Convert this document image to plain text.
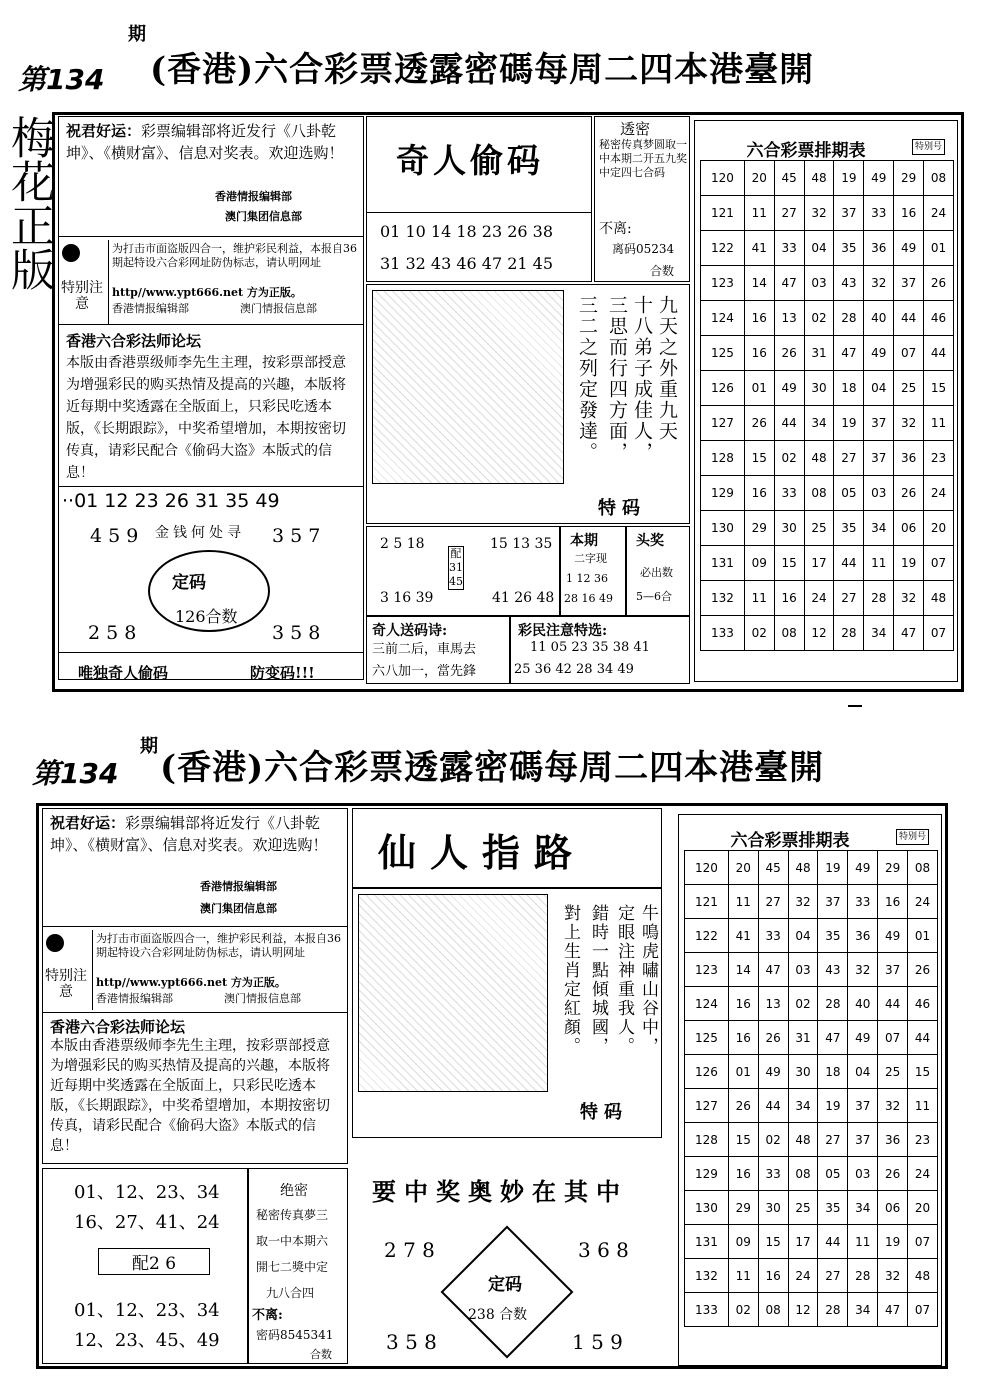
第134
期
(香港)六合彩票透露密碼每周二四本港臺開
梅花正版 祝君好运：彩票编辑部将近发行《八卦乾坤》、《横财富》、信息对奖表。欢迎选购！
香港情报编辑部
澳门集团信息部
特别注意
为打击市面盗版四合一，维护彩民利益，本报自36期起特设六合彩网址防伪标志，请认明网址
http//www.ypt666.net 方为正版。
香港情报编辑部	澳门情报信息部
香港六合彩法师论坛
本版由香港票级师李先生主理，按彩票部授意为增强彩民的购买热情及提高的兴趣，本版将近每期中奖透露在全版面上，只彩民吃透本版，《长期跟踪》，中奖希望增加，本期按密切传真，请彩民配合《偷码大盗》本版式的信息！
··01 12 23 26 31 35 49
4 5 9	3 5 7
金钱何处寻
定码
126合数
2 5 8	3 5 8
唯独奇人偷码	防变码!!!
奇人偷码
01 10 14 18 23 26 38
31 32 43 46 47 21 45
透密
秘密传真梦圆取一中本期二开五九奖中定四七合码
不离:
离码05234
合数
九天之外重九天
十八弟子成佳人，
三思而行四方面，
三二之列定發達。
特码
2 5 18
3 16 39
配31 45
15 13 35
41 26 48
本期
二字现
1 12 36
28 16 49
头奖
必出数
5—6合
奇人送码诗:
三前二后，車馬去
六八加一，當先鋒
彩民注意特选:
11 05 23 35 38 41
25 36 42 28 34 49
六合彩票排期表	特别号
120	20	45	48	19	49	29	08
121	11	27	32	37	33	16	24
122	41	33	04	35	36	49	01
123	14	47	03	43	32	37	26
124	16	13	02	28	40	44	46
125	16	26	31	47	49	07	44
126	01	49	30	18	04	25	15
127	26	44	34	19	37	32	11
128	15	02	48	27	37	36	23
129	16	33	08	05	03	26	24
130	29	30	25	35	34	06	20
131	09	15	17	44	11	19	07
132	11	16	24	27	28	32	48
133	02	08	12	28	34	47	07
第134
期
(香港)六合彩票透露密碼每周二四本港臺開
祝君好运：彩票编辑部将近发行《八卦乾坤》、《横财富》、信息对奖表。欢迎选购！
香港情报编辑部
澳门集团信息部
特别注意
为打击市面盗版四合一，维护彩民利益，本报自36期起特设六合彩网址防伪标志，请认明网址
http//www.ypt666.net 方为正版。
香港情报编辑部	澳门情报信息部
香港六合彩法师论坛
本版由香港票级师李先生主理，按彩票部授意为增强彩民的购买热情及提高的兴趣，本版将近每期中奖透露在全版面上，只彩民吃透本版，《长期跟踪》，中奖希望增加，本期按密切传真，请彩民配合《偷码大盗》本版式的信息！
01、12、23、34
16、27、41、24
配2 6
01、12、23、34
12、23、45、49
绝密
秘密传真夢三
取一中本期六
開七二獎中定
九八合四
不离:
密码8545341
合数
仙人指路
牛鳴虎嘯山谷中，
定眼注神重我人。
錯時一點傾城國，
對上生肖定紅顏。
特码
要中奖奥妙在其中
2 7 8	3 6 8
定码
238 合数
3 5 8	1 5 9
六合彩票排期表	特别号
120	20	45	48	19	49	29	08
121	11	27	32	37	33	16	24
122	41	33	04	35	36	49	01
123	14	47	03	43	32	37	26
124	16	13	02	28	40	44	46
125	16	26	31	47	49	07	44
126	01	49	30	18	04	25	15
127	26	44	34	19	37	32	11
128	15	02	48	27	37	36	23
129	16	33	08	05	03	26	24
130	29	30	25	35	34	06	20
131	09	15	17	44	11	19	07
132	11	16	24	27	28	32	48
133	02	08	12	28	34	47	07
